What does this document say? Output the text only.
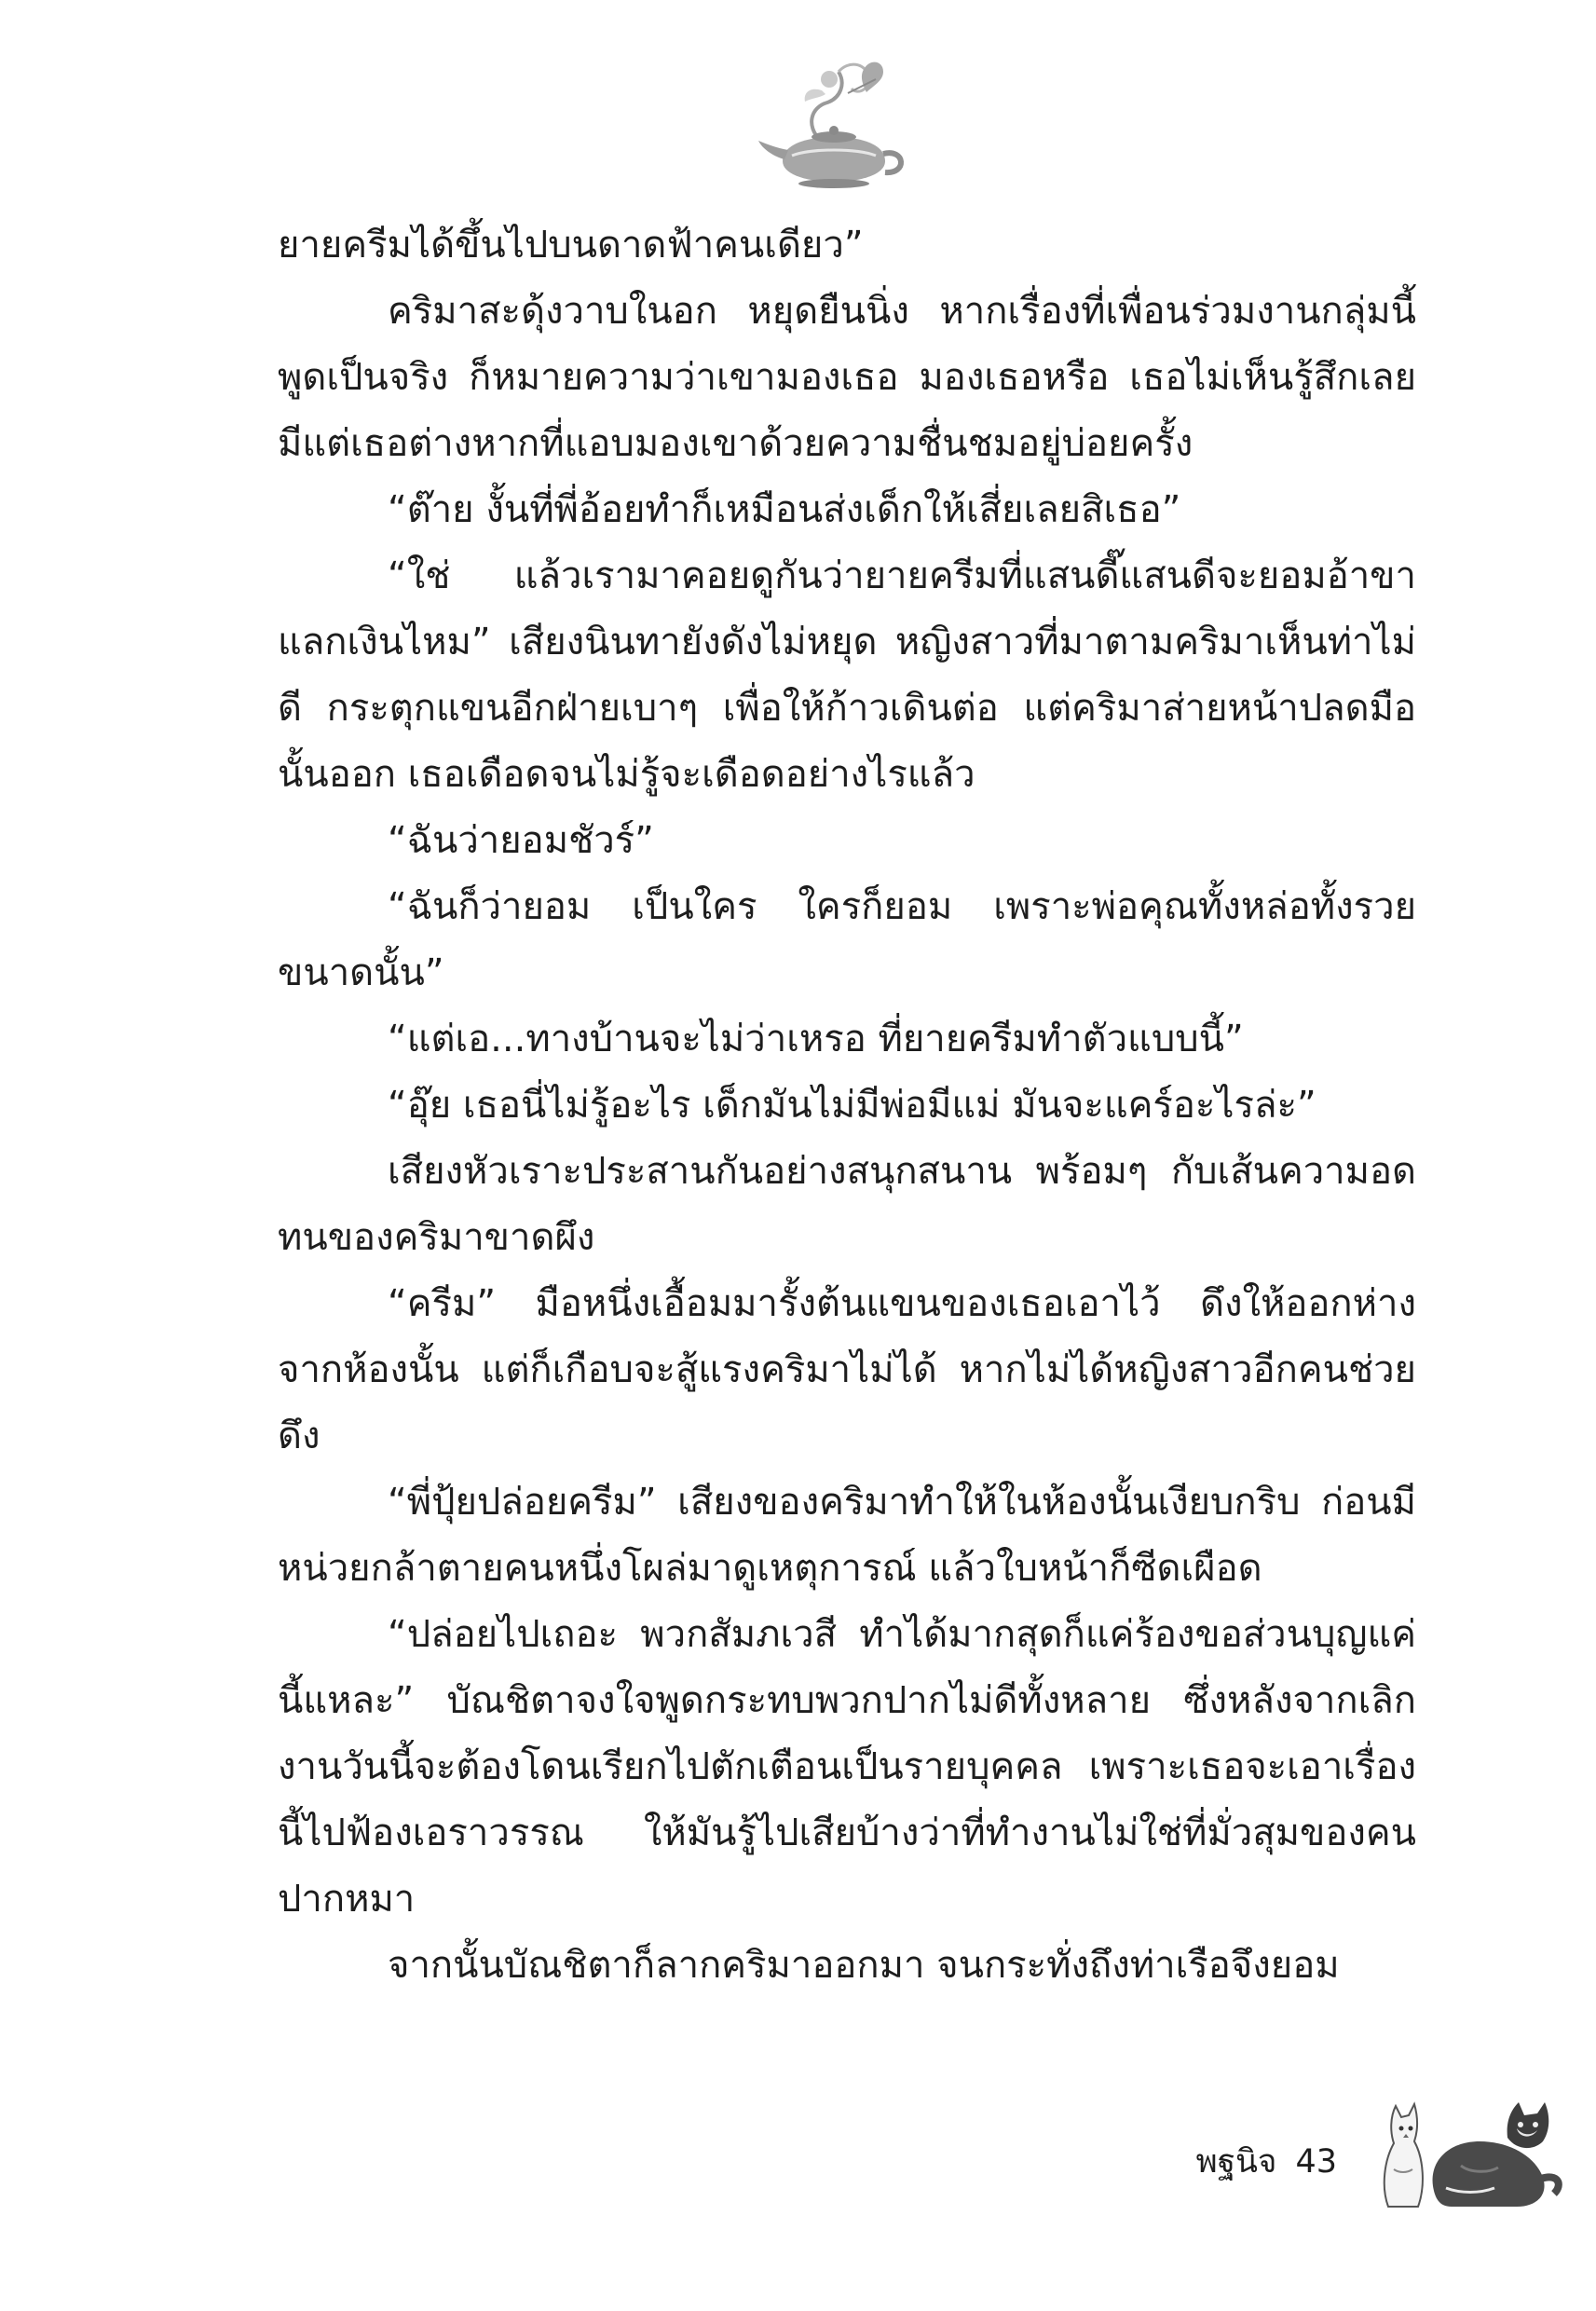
ยายครีมได้ขึ้นไปบนดาดฟ้าคนเดียว”

คริมาสะดุ้งวาบในอก หยุดยืนนิ่ง หากเรื่องที่เพื่อนร่วมงานกลุ่มนี้พูดเป็นจริง ก็หมายความว่าเขามองเธอ มองเธอหรือ เธอไม่เห็นรู้สึกเลย มีแต่เธอต่างหากที่แอบมองเขาด้วยความชื่นชมอยู่บ่อยครั้ง

“ต๊าย งั้นที่พี่อ้อยทำก็เหมือนส่งเด็กให้เสี่ยเลยสิเธอ”

“ใช่ แล้วเรามาคอยดูกันว่ายายครีมที่แสนดี๊แสนดีจะยอมอ้าขาแลกเงินไหม” เสียงนินทายังดังไม่หยุด หญิงสาวที่มาตามคริมาเห็นท่าไม่ดี กระตุกแขนอีกฝ่ายเบาๆ เพื่อให้ก้าวเดินต่อ แต่คริมาส่ายหน้าปลดมือนั้นออก เธอเดือดจนไม่รู้จะเดือดอย่างไรแล้ว

“ฉันว่ายอมชัวร์”

“ฉันก็ว่ายอม เป็นใคร ใครก็ยอม เพราะพ่อคุณทั้งหล่อทั้งรวยขนาดนั้น”

“แต่เอ...ทางบ้านจะไม่ว่าเหรอ ที่ยายครีมทำตัวแบบนี้”

“อุ๊ย เธอนี่ไม่รู้อะไร เด็กมันไม่มีพ่อมีแม่ มันจะแคร์อะไรล่ะ”

เสียงหัวเราะประสานกันอย่างสนุกสนาน พร้อมๆ กับเส้นความอดทนของคริมาขาดผึง

“ครีม” มือหนึ่งเอื้อมมารั้งต้นแขนของเธอเอาไว้ ดึงให้ออกห่างจากห้องนั้น แต่ก็เกือบจะสู้แรงคริมาไม่ได้ หากไม่ได้หญิงสาวอีกคนช่วยดึง

“พี่ปุ้ยปล่อยครีม” เสียงของคริมาทำให้ในห้องนั้นเงียบกริบ ก่อนมีหน่วยกล้าตายคนหนึ่งโผล่มาดูเหตุการณ์ แล้วใบหน้าก็ซีดเผือด

“ปล่อยไปเถอะ พวกสัมภเวสี ทำได้มากสุดก็แค่ร้องขอส่วนบุญแค่นี้แหละ” บัณชิตาจงใจพูดกระทบพวกปากไม่ดีทั้งหลาย ซึ่งหลังจากเลิกงานวันนี้จะต้องโดนเรียกไปตักเตือนเป็นรายบุคคล เพราะเธอจะเอาเรื่องนี้ไปฟ้องเอราวรรณ ให้มันรู้ไปเสียบ้างว่าที่ทำงานไม่ใช่ที่มั่วสุมของคนปากหมา

จากนั้นบัณชิตาก็ลากคริมาออกมา จนกระทั่งถึงท่าเรือจึงยอม

พฐนิจ 43
